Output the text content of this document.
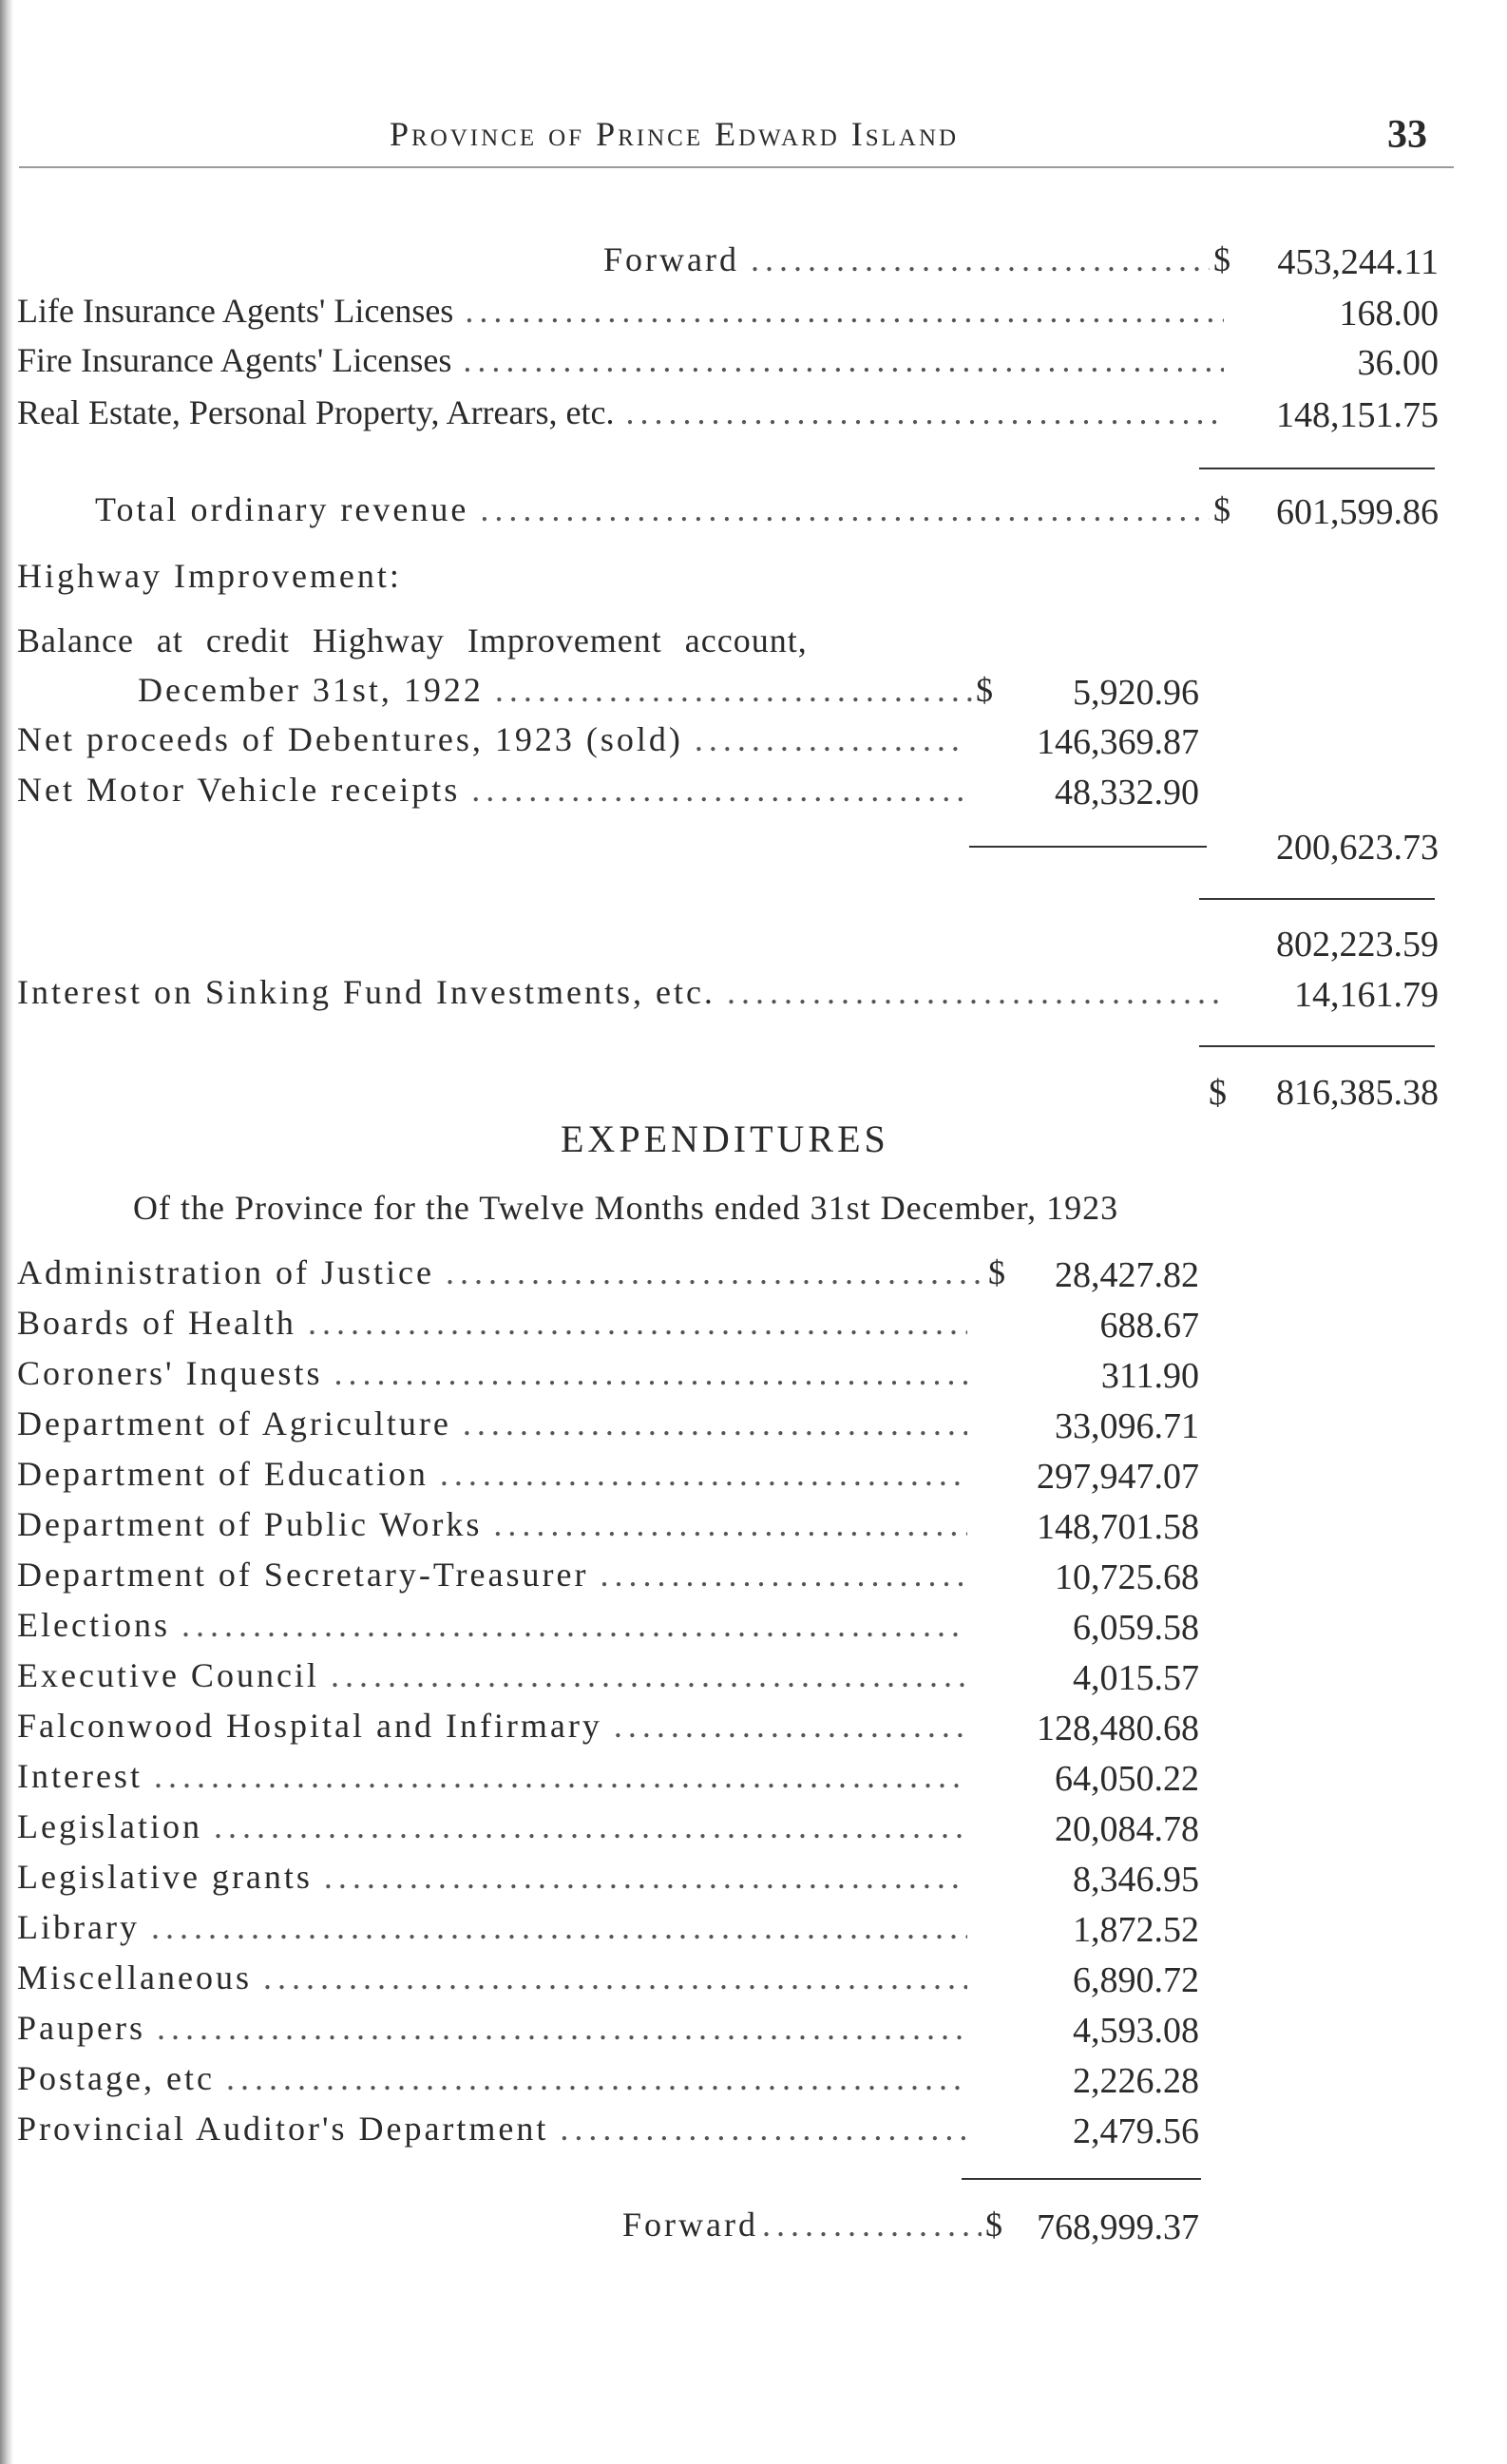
Province of Prince Edward Island	33
Forward .....	$ 453,244.11
Life Insurance Agents' Licenses .....	168.00
Fire Insurance Agents' Licenses .....	36.00
Real Estate, Personal Property, Arrears, etc. .....	148,151.75
Total ordinary revenue .....	$ 601,599.86
Highway Improvement:
Balance at credit Highway Improvement account,
December 31st, 1922 .....	$ 5,920.96
Net proceeds of Debentures, 1923 (sold) .....	146,369.87
Net Motor Vehicle receipts .....	48,332.90
200,623.73
802,223.59
Interest on Sinking Fund Investments, etc. .....	14,161.79
$ 816,385.38
EXPENDITURES
Of the Province for the Twelve Months ended 31st December, 1923
Administration of Justice .....	$ 28,427.82
Boards of Health .....	688.67
Coroners' Inquests .....	311.90
Department of Agriculture .....	33,096.71
Department of Education .....	297,947.07
Department of Public Works .....	148,701.58
Department of Secretary-Treasurer .....	10,725.68
Elections .....	6,059.58
Executive Council .....	4,015.57
Falconwood Hospital and Infirmary .....	128,480.68
Interest .....	64,050.22
Legislation .....	20,084.78
Legislative grants .....	8,346.95
Library .....	1,872.52
Miscellaneous .....	6,890.72
Paupers .....	4,593.08
Postage, etc .....	2,226.28
Provincial Auditor's Department .....	2,479.56
Forward .....	$ 768,999.37
